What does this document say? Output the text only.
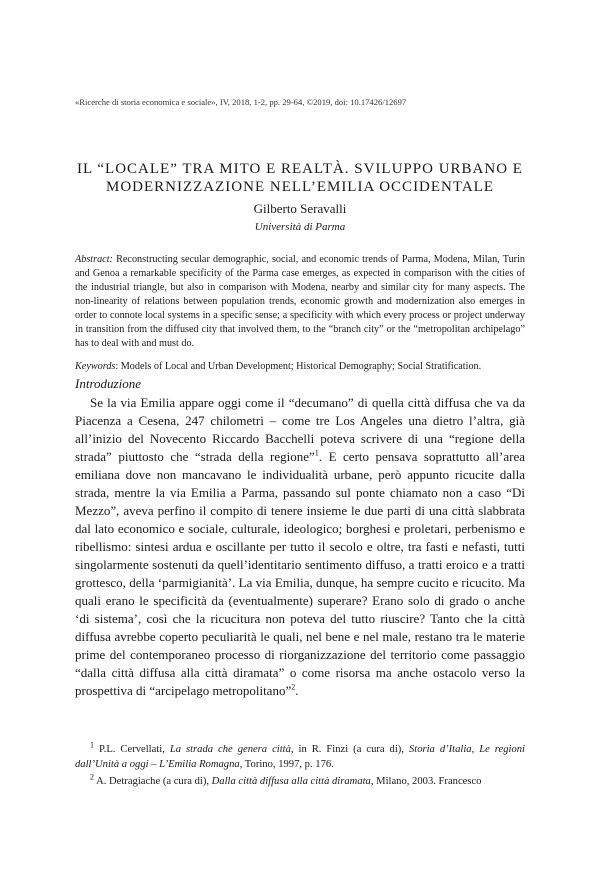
«Ricerche di storia economica e sociale», IV, 2018, 1-2, pp. 29-64, ©2019, doi: 10.17426/12697
IL “LOCALE” TRA MITO E REALTÀ. SVILUPPO URBANO E
MODERNIZZAZIONE NELL’EMILIA OCCIDENTALE
Gilberto Seravalli
Università di Parma

Abstract: Reconstructing secular demographic, social, and economic trends of Parma, Modena, Milan, Turin and Genoa a remarkable specificity of the Parma case emerges, as expected in comparison with the cities of the industrial triangle, but also in comparison with Modena, nearby and similar city for many aspects. The non-linearity of relations between population trends, economic growth and modernization also emerges in order to connote local systems in a specific sense; a specificity with which every process or project underway in transition from the diffused city that involved them, to the “branch city” or the “metropolitan archipelago” has to deal with and must do.

Keywords: Models of Local and Urban Development; Historical Demography; Social Stratification.

Introduzione

Se la via Emilia appare oggi come il “decumano” di quella città diffusa che va da Piacenza a Cesena, 247 chilometri – come tre Los Angeles una dietro l’altra, già all’inizio del Novecento Riccardo Bacchelli poteva scrivere di una “regione della strada” piuttosto che “strada della regione”$^1$. E certo pensava soprattutto all’area emiliana dove non mancavano le individualità urbane, però appunto ricucite dalla strada, mentre la via Emilia a Parma, passando sul ponte chiamato non a caso “Di Mezzo”, aveva perfino il compito di tenere insieme le due parti di una città slabbrata dal lato economico e sociale, culturale, ideologico; borghesi e proletari, perbenismo e ribellismo: sintesi ardua e oscillante per tutto il secolo e oltre, tra fasti e nefasti, tutti singolarmente sostenuti da quell’identitario sentimento diffuso, a tratti eroico e a tratti grottesco, della ‘parmigianità’. La via Emilia, dunque, ha sempre cucito e ricucito. Ma quali erano le specificità da (eventualmente) superare? Erano solo di grado o anche ‘di sistema’, così che la ricucitura non poteva del tutto riuscire? Tanto che la città diffusa avrebbe coperto peculiarità le quali, nel bene e nel male, restano tra le materie prime del contemporaneo processo di riorganizzazione del territorio come passaggio “dalla città diffusa alla città diramata” o come risorsa ma anche ostacolo verso la prospettiva di “arcipelago metropolitano”$^2$.

$^1$ P.L. Cervellati, La strada che genera città, in R. Finzi (a cura di), Storia d’Italia, Le regioni dall’Unità a oggi – L’Emilia Romagna, Torino, 1997, p. 176.

$^2$ A. Detragiache (a cura di), Dalla città diffusa alla città diramata, Milano, 2003. Francesco
